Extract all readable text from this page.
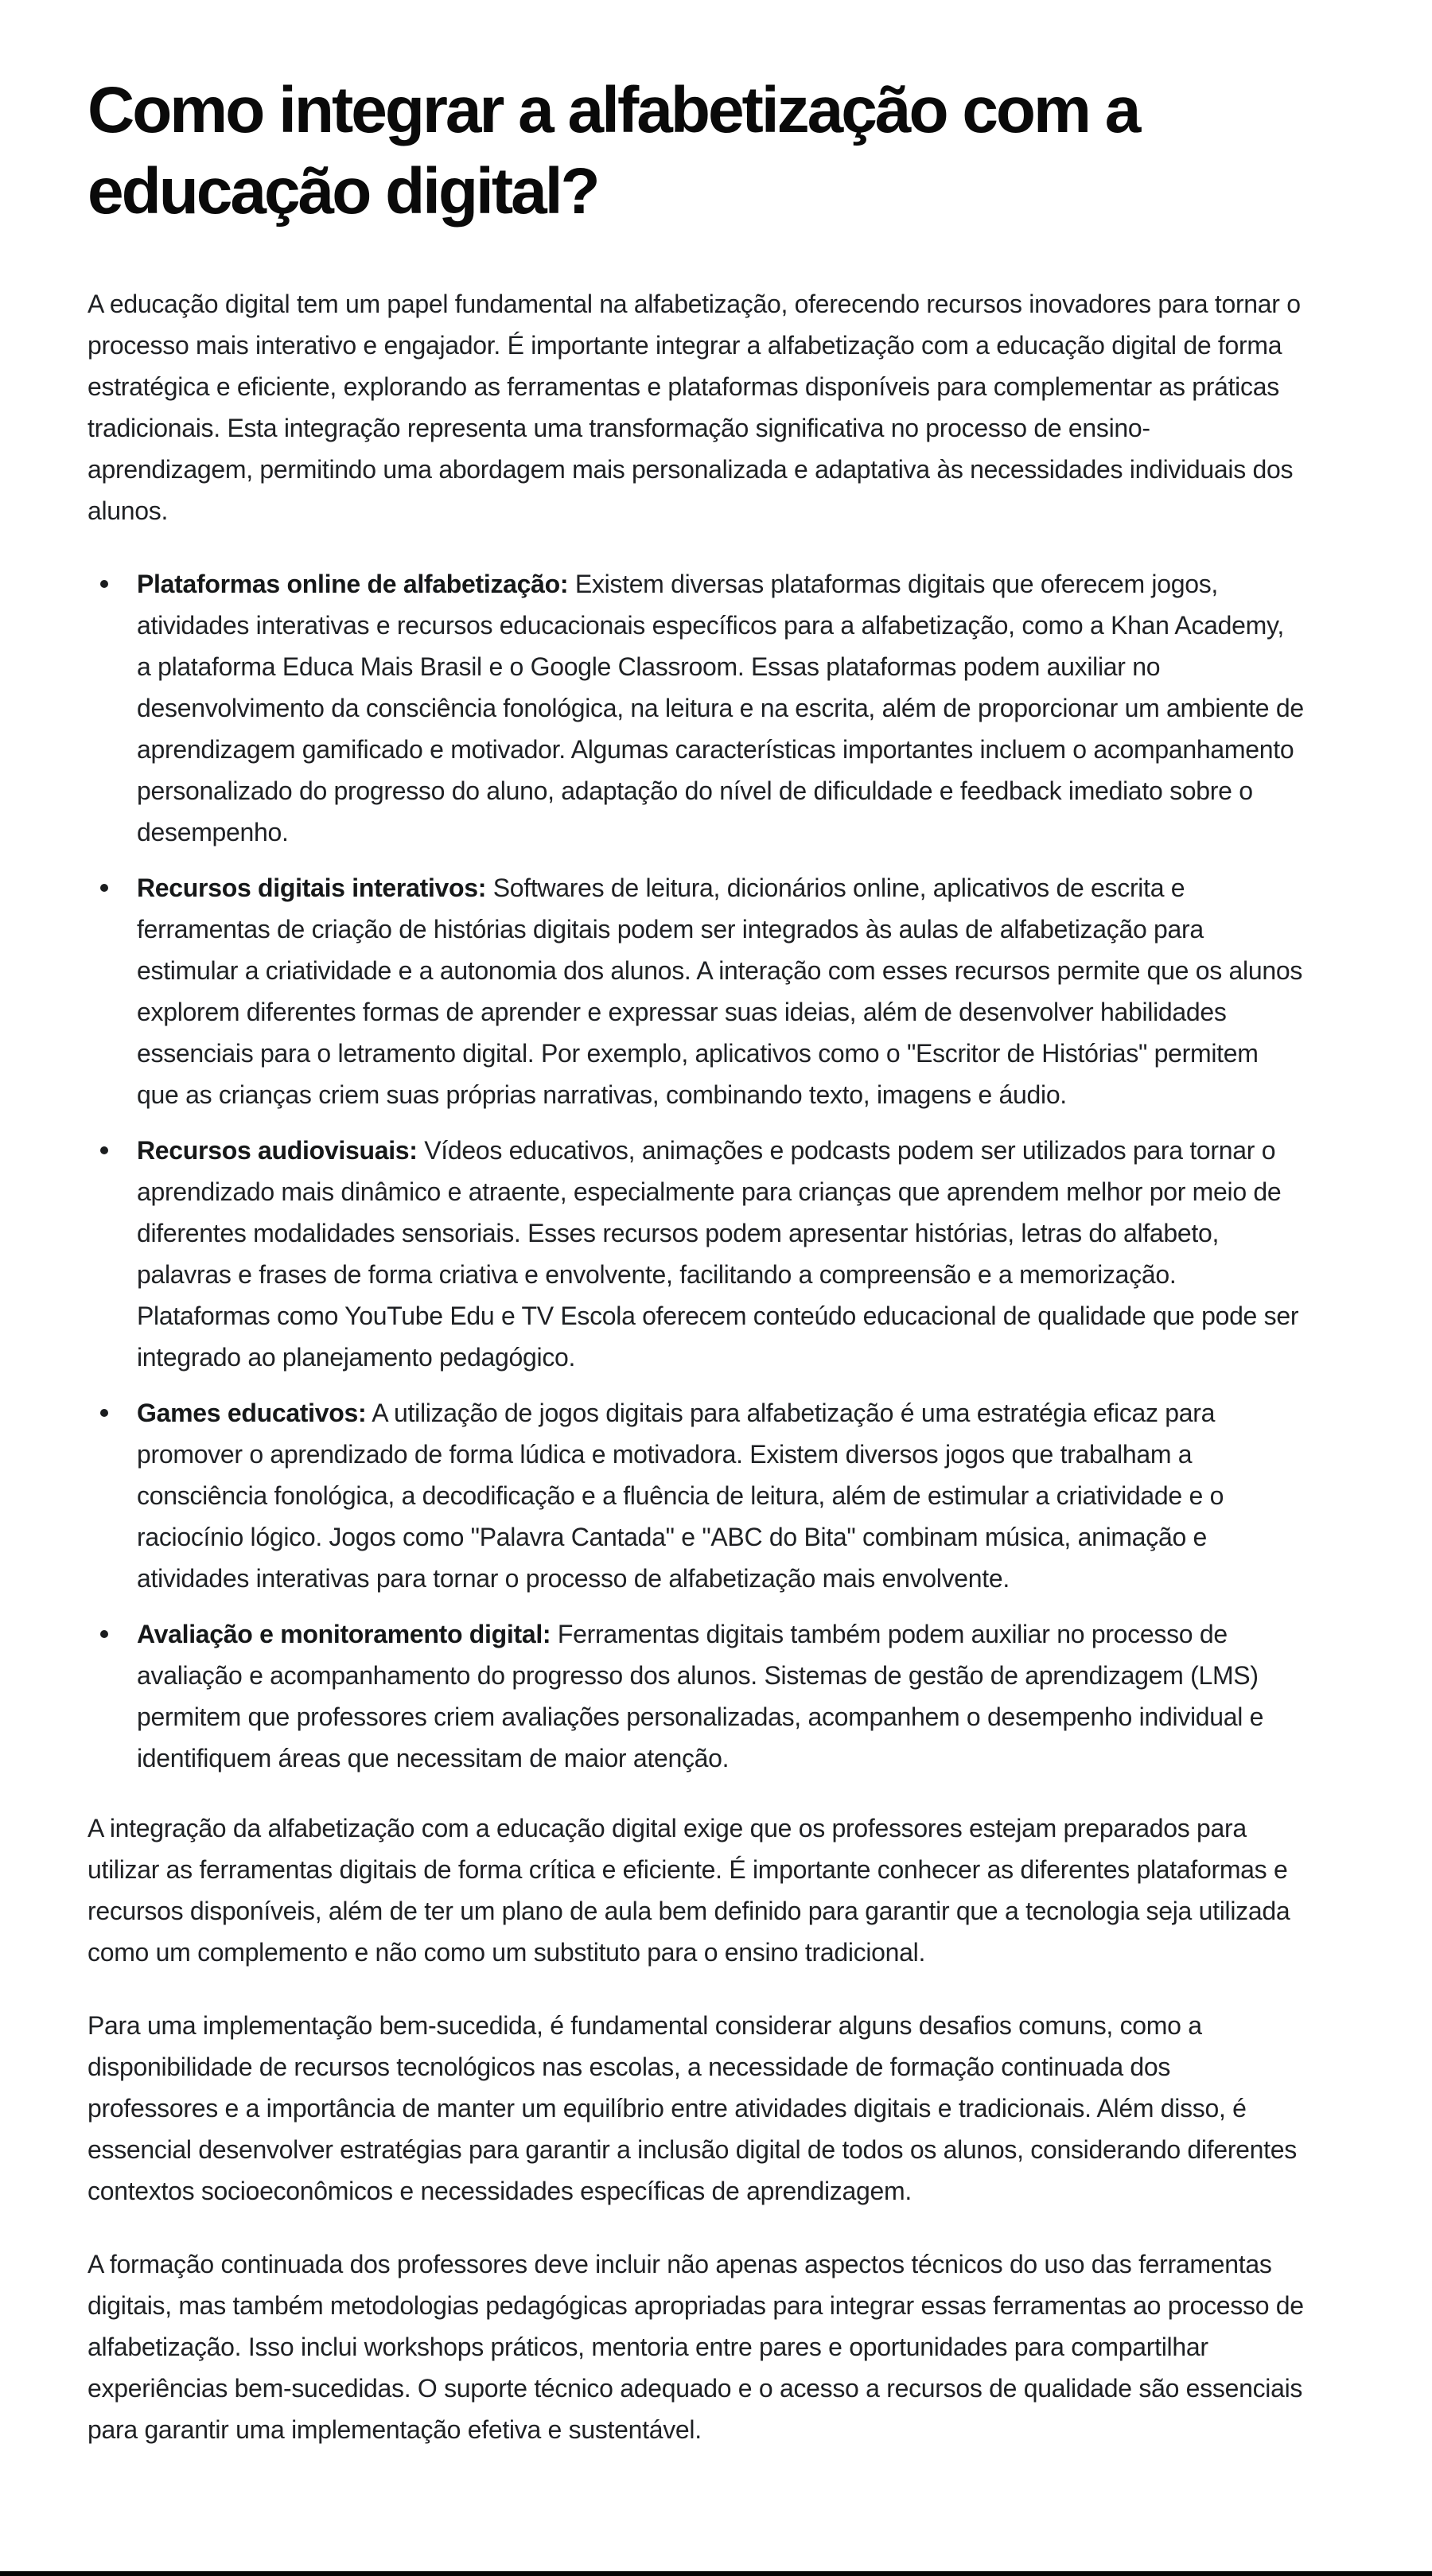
Como integrar a alfabetização com a
educação digital?

A educação digital tem um papel fundamental na alfabetização, oferecendo recursos inovadores para tornar o processo mais interativo e engajador. É importante integrar a alfabetização com a educação digital de forma estratégica e eficiente, explorando as ferramentas e plataformas disponíveis para complementar as práticas tradicionais. Esta integração representa uma transformação significativa no processo de ensino-aprendizagem, permitindo uma abordagem mais personalizada e adaptativa às necessidades individuais dos alunos.

Plataformas online de alfabetização: Existem diversas plataformas digitais que oferecem jogos, atividades interativas e recursos educacionais específicos para a alfabetização, como a Khan Academy, a plataforma Educa Mais Brasil e o Google Classroom. Essas plataformas podem auxiliar no desenvolvimento da consciência fonológica, na leitura e na escrita, além de proporcionar um ambiente de aprendizagem gamificado e motivador. Algumas características importantes incluem o acompanhamento personalizado do progresso do aluno, adaptação do nível de dificuldade e feedback imediato sobre o desempenho.
Recursos digitais interativos: Softwares de leitura, dicionários online, aplicativos de escrita e ferramentas de criação de histórias digitais podem ser integrados às aulas de alfabetização para estimular a criatividade e a autonomia dos alunos. A interação com esses recursos permite que os alunos explorem diferentes formas de aprender e expressar suas ideias, além de desenvolver habilidades essenciais para o letramento digital. Por exemplo, aplicativos como o "Escritor de Histórias" permitem que as crianças criem suas próprias narrativas, combinando texto, imagens e áudio.
Recursos audiovisuais: Vídeos educativos, animações e podcasts podem ser utilizados para tornar o aprendizado mais dinâmico e atraente, especialmente para crianças que aprendem melhor por meio de diferentes modalidades sensoriais. Esses recursos podem apresentar histórias, letras do alfabeto, palavras e frases de forma criativa e envolvente, facilitando a compreensão e a memorização. Plataformas como YouTube Edu e TV Escola oferecem conteúdo educacional de qualidade que pode ser integrado ao planejamento pedagógico.
Games educativos: A utilização de jogos digitais para alfabetização é uma estratégia eficaz para promover o aprendizado de forma lúdica e motivadora. Existem diversos jogos que trabalham a consciência fonológica, a decodificação e a fluência de leitura, além de estimular a criatividade e o raciocínio lógico. Jogos como "Palavra Cantada" e "ABC do Bita" combinam música, animação e atividades interativas para tornar o processo de alfabetização mais envolvente.
Avaliação e monitoramento digital: Ferramentas digitais também podem auxiliar no processo de avaliação e acompanhamento do progresso dos alunos. Sistemas de gestão de aprendizagem (LMS) permitem que professores criem avaliações personalizadas, acompanhem o desempenho individual e identifiquem áreas que necessitam de maior atenção.

A integração da alfabetização com a educação digital exige que os professores estejam preparados para utilizar as ferramentas digitais de forma crítica e eficiente. É importante conhecer as diferentes plataformas e recursos disponíveis, além de ter um plano de aula bem definido para garantir que a tecnologia seja utilizada como um complemento e não como um substituto para o ensino tradicional.

Para uma implementação bem-sucedida, é fundamental considerar alguns desafios comuns, como a disponibilidade de recursos tecnológicos nas escolas, a necessidade de formação continuada dos professores e a importância de manter um equilíbrio entre atividades digitais e tradicionais. Além disso, é essencial desenvolver estratégias para garantir a inclusão digital de todos os alunos, considerando diferentes contextos socioeconômicos e necessidades específicas de aprendizagem.

A formação continuada dos professores deve incluir não apenas aspectos técnicos do uso das ferramentas digitais, mas também metodologias pedagógicas apropriadas para integrar essas ferramentas ao processo de alfabetização. Isso inclui workshops práticos, mentoria entre pares e oportunidades para compartilhar experiências bem-sucedidas. O suporte técnico adequado e o acesso a recursos de qualidade são essenciais para garantir uma implementação efetiva e sustentável.
